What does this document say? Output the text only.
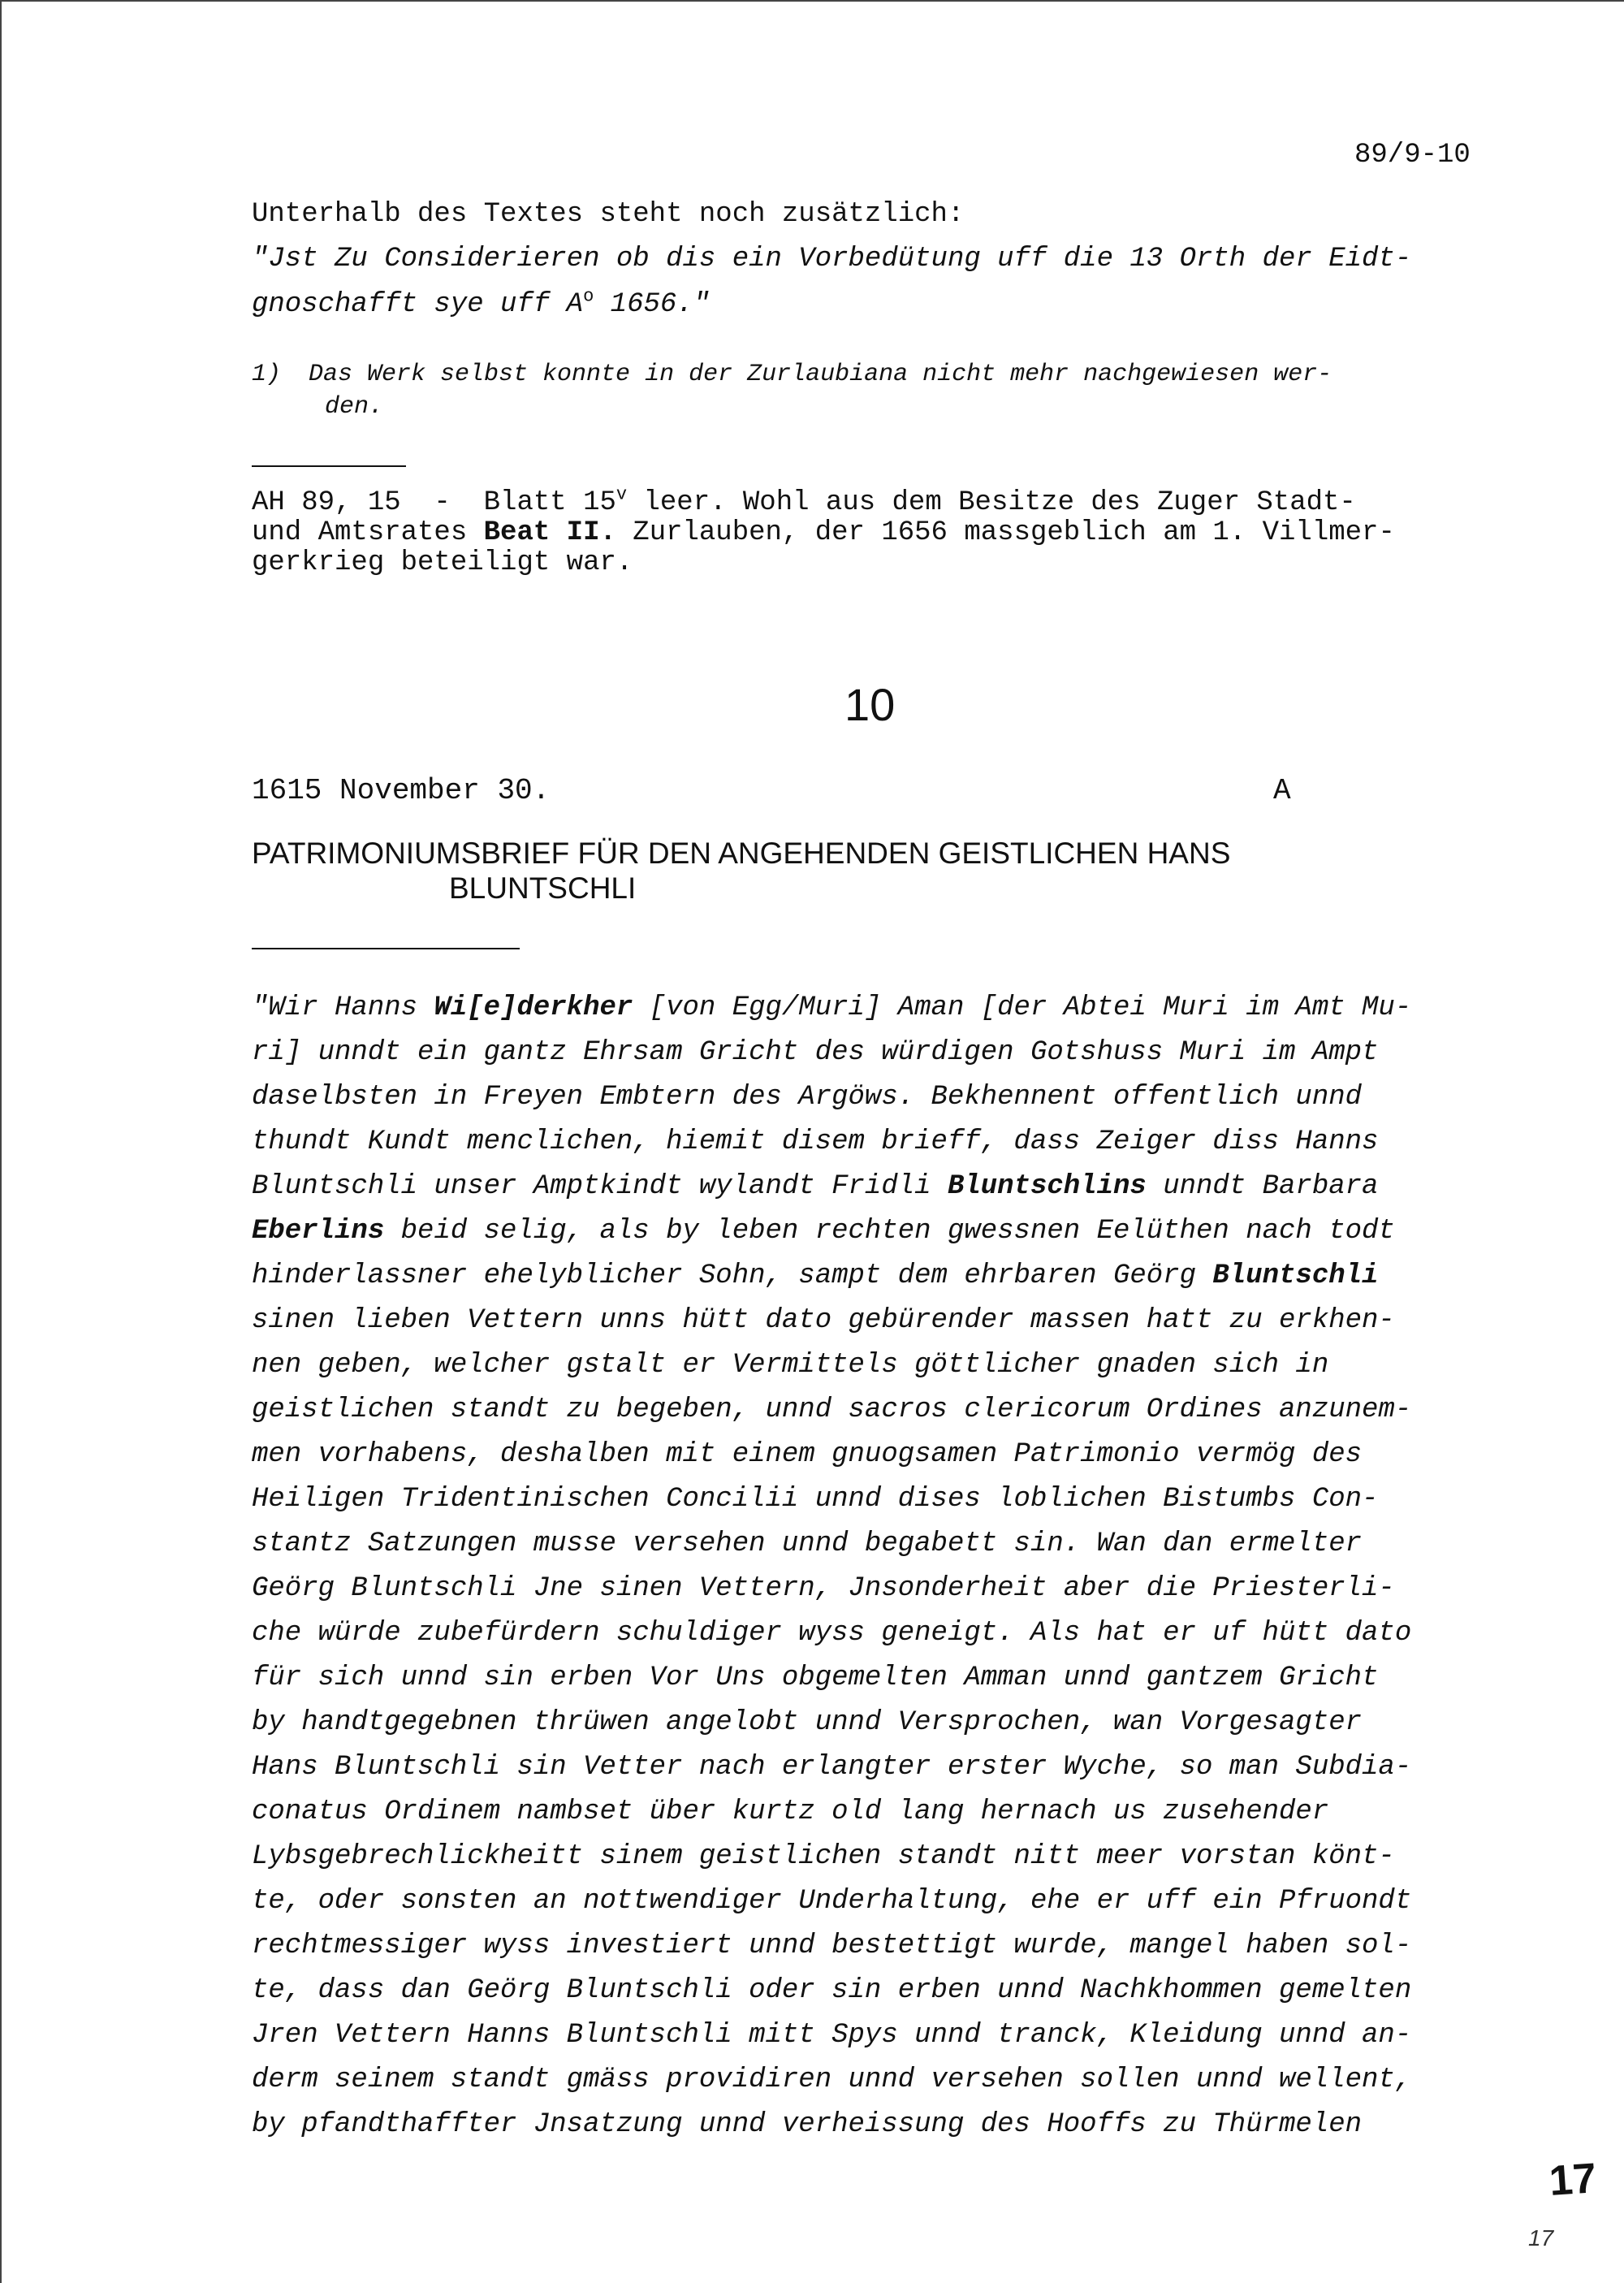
89/9-10
Unterhalb des Textes steht noch zusätzlich:
"Jst Zu Considerieren ob dis ein Vorbedütung uff die 13 Orth der Eidt-
gnoschafft sye uff $A^o$ 1656."
1) Das Werk selbst konnte in der Zurlaubiana nicht mehr nachgewiesen wer-
den.
AH 89, 15  -  Blatt 15$^v$ leer. Wohl aus dem Besitze des Zuger Stadt-
und Amtsrates Beat II. Zurlauben, der 1656 massgeblich am 1. Villmer-
gerkrieg beteiligt war.
10
1615 November 30.	A
PATRIMONIUMSBRIEF FÜR DEN ANGEHENDEN GEISTLICHEN HANS
BLUNTSCHLI
"Wir Hanns Wi[e]derkher [von Egg/Muri] Aman [der Abtei Muri im Amt Mu-
ri] unndt ein gantz Ehrsam Gricht des würdigen Gotshuss Muri im Ampt
daselbsten in Freyen Embtern des Argöws. Bekhennent offentlich unnd
thundt Kundt menclichen, hiemit disem brieff, dass Zeiger diss Hanns
Bluntschli unser Amptkindt wylandt Fridli Bluntschlins unndt Barbara
Eberlins beid selig, als by leben rechten gwessnen Eelüthen nach todt
hinderlassner ehelyblicher Sohn, sampt dem ehrbaren Geörg Bluntschli
sinen lieben Vettern unns hütt dato gebürender massen hatt zu erkhen-
nen geben, welcher gstalt er Vermittels göttlicher gnaden sich in
geistlichen standt zu begeben, unnd sacros clericorum Ordines anzunem-
men vorhabens, deshalben mit einem gnuogsamen Patrimonio vermög des
Heiligen Tridentinischen Concilii unnd dises loblichen Bistumbs Con-
stantz Satzungen musse versehen unnd begabett sin. Wan dan ermelter
Geörg Bluntschli Jne sinen Vettern, Jnsonderheit aber die Priesterli-
che würde zubefürdern schuldiger wyss geneigt. Als hat er uf hütt dato
für sich unnd sin erben Vor Uns obgemelten Amman unnd gantzem Gricht
by handtgegebnen thrüwen angelobt unnd Versprochen, wan Vorgesagter
Hans Bluntschli sin Vetter nach erlangter erster Wyche, so man Subdia-
conatus Ordinem nambset über kurtz old lang hernach us zusehender
Lybsgebrechlickheitt sinem geistlichen standt nitt meer vorstan könt-
te, oder sonsten an nottwendiger Underhaltung, ehe er uff ein Pfruondt
rechtmessiger wyss investiert unnd bestettigt wurde, mangel haben sol-
te, dass dan Geörg Bluntschli oder sin erben unnd Nachkhommen gemelten
Jren Vettern Hanns Bluntschli mitt Spys unnd tranck, Kleidung unnd an-
derm seinem standt gmäss providiren unnd versehen sollen unnd wellent,
by pfandthaffter Jnsatzung unnd verheissung des Hooffs zu Thürmelen
17
17
